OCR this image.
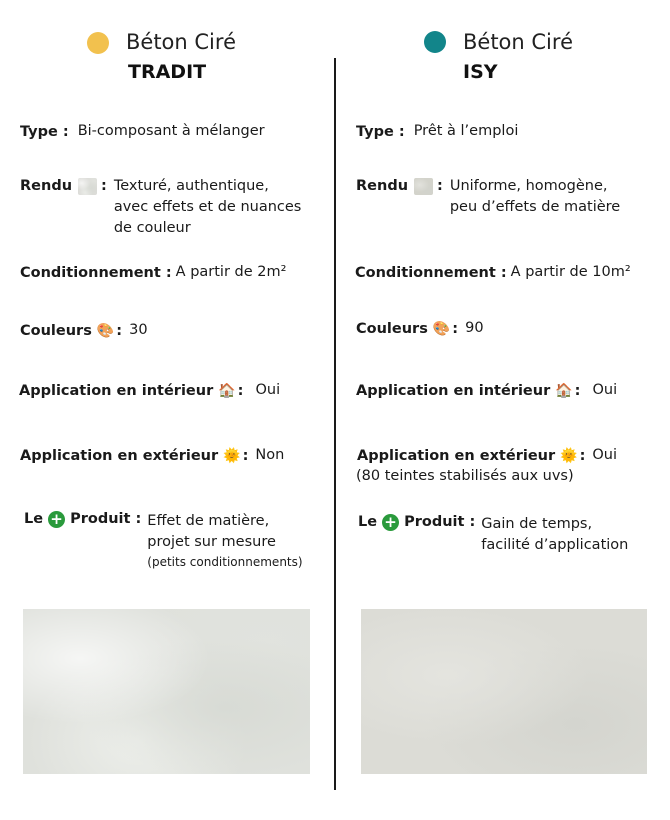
Béton Ciré
TRADIT
Béton Ciré
ISY
Type : Bi-composant à mélanger
Rendu : Texturé, authentique,
avec effets et de nuances
de couleur
Conditionnement : A partir de 2m²
Couleurs 🎨 : 30
Application en intérieur 🏠 : Oui
Application en extérieur 🌞 : Non
Le + Produit : Effet de matière,
projet sur mesure
(petits conditionnements)
Type : Prêt à l’emploi
Rendu : Uniforme, homogène,
peu d’effets de matière
Conditionnement : A partir de 10m²
Couleurs 🎨 : 90
Application en intérieur 🏠 : Oui
Application en extérieur 🌞 : Oui
(80 teintes stabilisés aux uvs)
Le + Produit : Gain de temps,
facilité d’application
